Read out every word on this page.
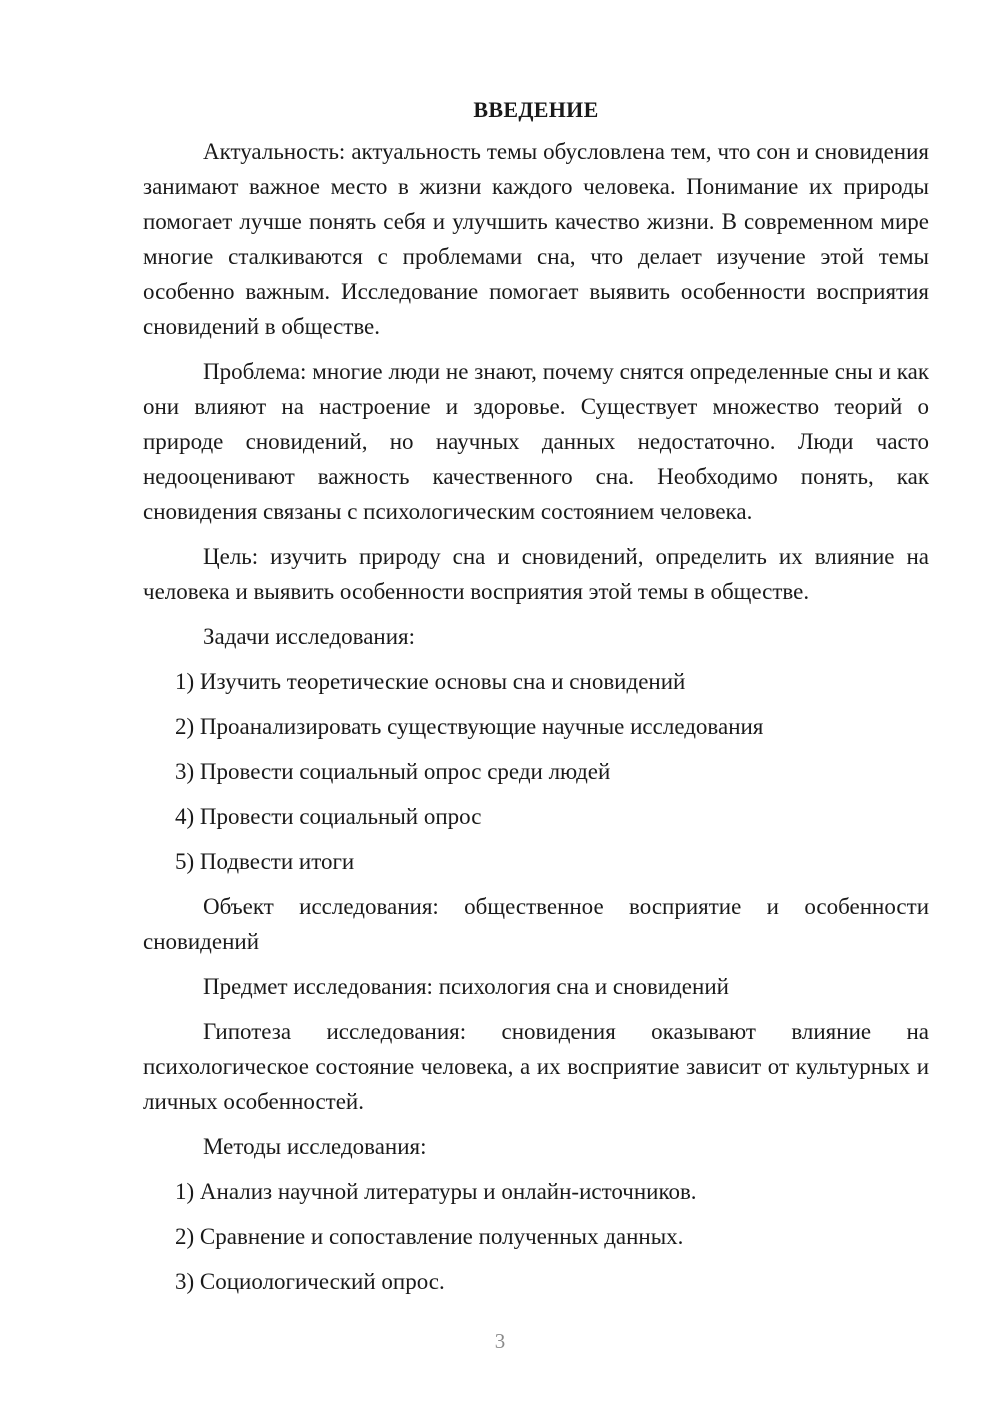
ВВЕДЕНИЕ

Актуальность: актуальность темы обусловлена тем, что сон и сновидения занимают важное место в жизни каждого человека. Понимание их природы помогает лучше понять себя и улучшить качество жизни. В современном мире многие сталкиваются с проблемами сна, что делает изучение этой темы особенно важным. Исследование помогает выявить особенности восприятия сновидений в обществе.

Проблема: многие люди не знают, почему снятся определенные сны и как они влияют на настроение и здоровье. Существует множество теорий о природе сновидений, но научных данных недостаточно. Люди часто недооценивают важность качественного сна. Необходимо понять, как сновидения связаны с психологическим состоянием человека.

Цель: изучить природу сна и сновидений, определить их влияние на человека и выявить особенности восприятия этой темы в обществе.

Задачи исследования:

1) Изучить теоретические основы сна и сновидений
2) Проанализировать существующие научные исследования
3) Провести социальный опрос среди людей
4) Провести социальный опрос
5) Подвести итоги

Объект исследования: общественное восприятие и особенности сновидений

Предмет исследования: психология сна и сновидений

Гипотеза исследования: сновидения оказывают влияние на психологическое состояние человека, а их восприятие зависит от культурных и личных особенностей.

Методы исследования:

1) Анализ научной литературы и онлайн-источников.
2) Сравнение и сопоставление полученных данных.
3) Социологический опрос.
3
